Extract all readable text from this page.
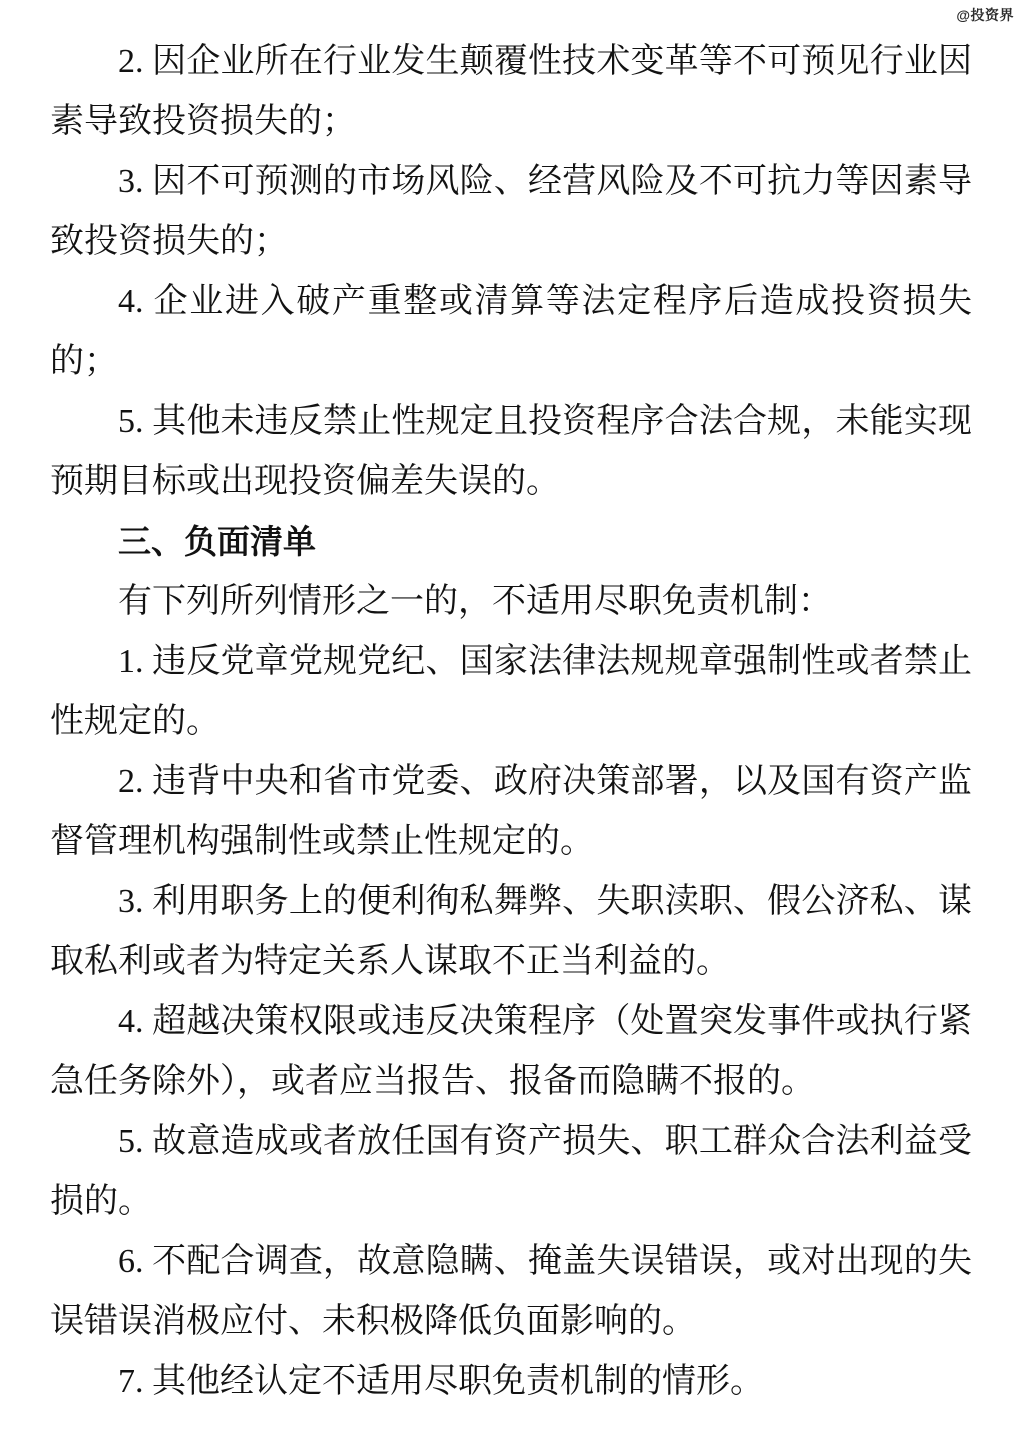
@投资界

2. 因企业所在行业发生颠覆性技术变革等不可预见行业因素导致投资损失的；

3. 因不可预测的市场风险、经营风险及不可抗力等因素导致投资损失的；

4. 企业进入破产重整或清算等法定程序后造成投资损失的；

5. 其他未违反禁止性规定且投资程序合法合规，未能实现预期目标或出现投资偏差失误的。

三、负面清单

有下列所列情形之一的，不适用尽职免责机制：

1. 违反党章党规党纪、国家法律法规规章强制性或者禁止性规定的。

2. 违背中央和省市党委、政府决策部署，以及国有资产监督管理机构强制性或禁止性规定的。

3. 利用职务上的便利徇私舞弊、失职渎职、假公济私、谋取私利或者为特定关系人谋取不正当利益的。

4. 超越决策权限或违反决策程序（处置突发事件或执行紧急任务除外），或者应当报告、报备而隐瞒不报的。

5. 故意造成或者放任国有资产损失、职工群众合法利益受损的。

6. 不配合调查，故意隐瞒、掩盖失误错误，或对出现的失误错误消极应付、未积极降低负面影响的。

7. 其他经认定不适用尽职免责机制的情形。
